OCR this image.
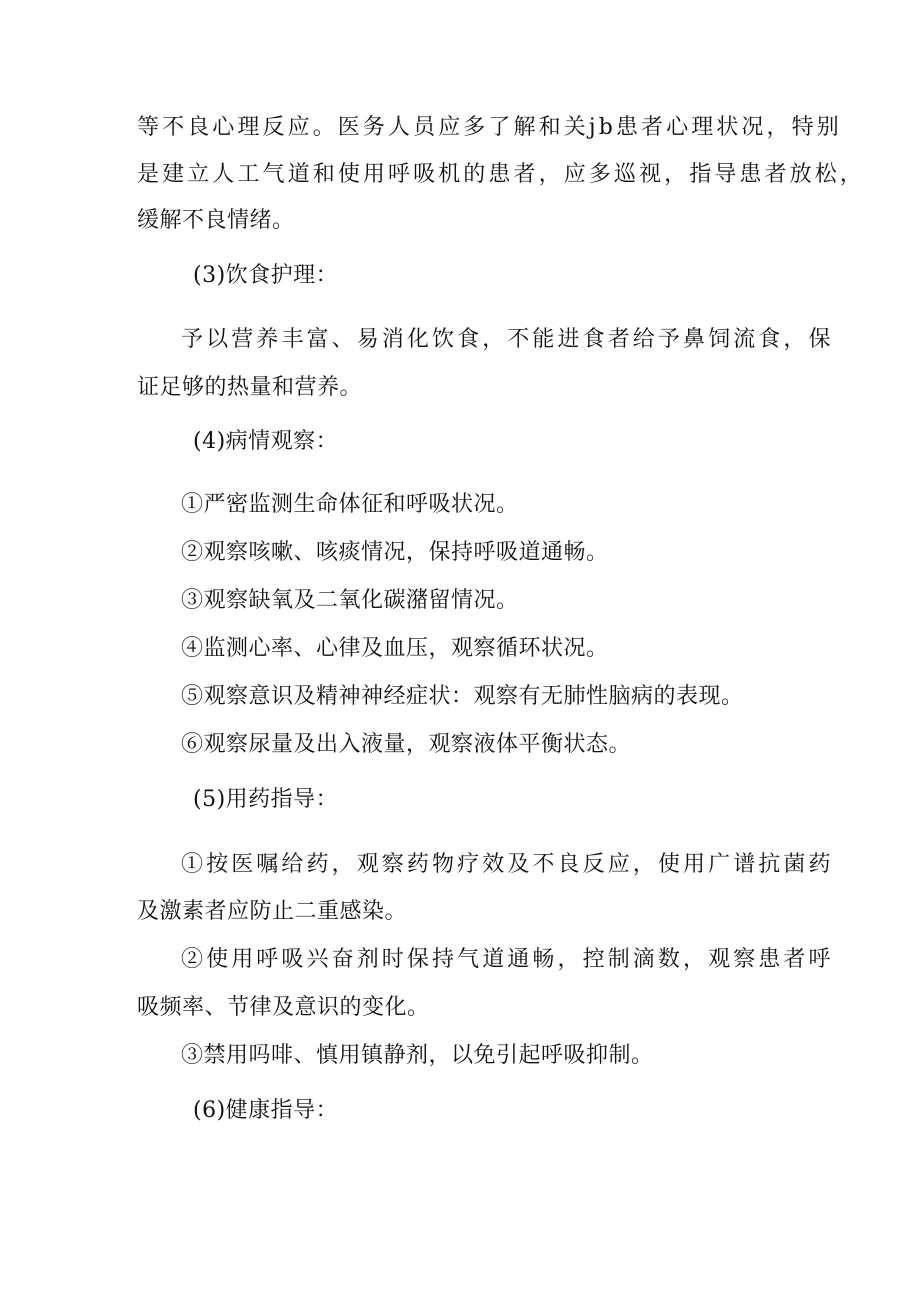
等不良心理反应。医务人员应多了解和关jb患者心理状况，特别
是建立人工气道和使用呼吸机的患者，应多巡视，指导患者放松，
缓解不良情绪。
(3)饮食护理：
予以营养丰富、易消化饮食，不能进食者给予鼻饲流食，保
证足够的热量和营养。
(4)病情观察：
①严密监测生命体征和呼吸状况。
②观察咳嗽、咳痰情况，保持呼吸道通畅。
③观察缺氧及二氧化碳潴留情况。
④监测心率、心律及血压，观察循环状况。
⑤观察意识及精神神经症状：观察有无肺性脑病的表现。
⑥观察尿量及出入液量，观察液体平衡状态。
(5)用药指导：
①按医嘱给药，观察药物疗效及不良反应，使用广谱抗菌药
及激素者应防止二重感染。
②使用呼吸兴奋剂时保持气道通畅，控制滴数，观察患者呼
吸频率、节律及意识的变化。
③禁用吗啡、慎用镇静剂，以免引起呼吸抑制。
(6)健康指导：
